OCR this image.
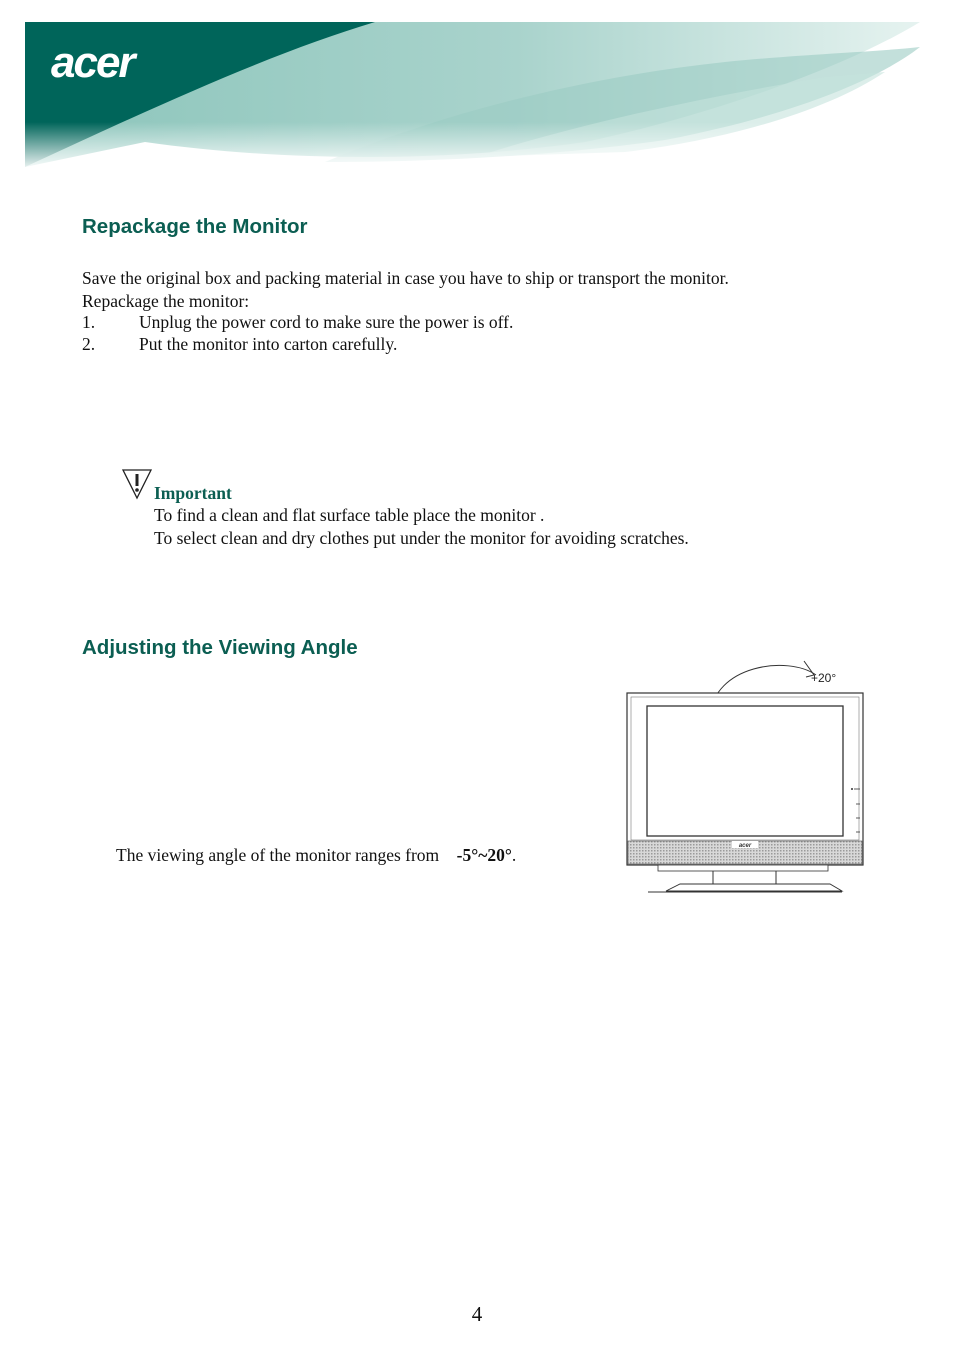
acer
Repackage the Monitor

Save the original box and packing material in case you have to ship or transport the monitor.

Repackage the monitor:

1.	Unplug the power cord to make sure the power is off.
2.	Put the monitor into carton carefully.
Important

To find a clean and flat surface table place the monitor .

To select clean and dry clothes put under the monitor for avoiding scratches.

Adjusting the Viewing Angle

The viewing angle of the monitor ranges from -5°~20°.

+20°
acer
4
